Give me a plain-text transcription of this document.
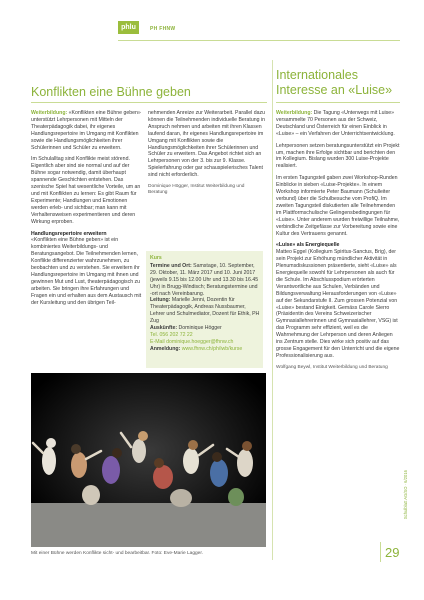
phlu	PH FHNW
Konflikten eine Bühne geben
Internationales
Interesse an «Luise»

Weiterbildung: «Konflikten eine Bühne geben» unterstützt Lehrpersonen mit Mitteln der Theaterpädagogik dabei, ihr eigenes Handlungsrepertoire im Umgang mit Konflikten sowie die Handlungsmöglichkeiten ihrer Schülerinnen und Schüler zu erweitern.

Im Schulalltag sind Konflikte meist störend. Eigentlich aber sind sie normal und auf der Bühne sogar notwendig, damit überhaupt spannende Geschichten entstehen. Das szenische Spiel hat wesentliche Vorteile, um an und mit Konflikten zu lernen: Es gibt Raum für Experimente; Handlungen und Emotionen werden erleb- und sichtbar; man kann mit Verhaltensweisen experimentieren und deren Wirkung erproben.

Handlungsrepertoire erweitern

«Konflikten eine Bühne geben» ist ein kombiniertes Weiterbildungs- und Beratungsangebot. Die Teilnehmenden lernen, Konflikte differenzierter wahrzunehmen, zu beobachten und zu verstehen. Sie erweitern ihr Handlungsrepertoire im Umgang mit ihnen und gewinnen Mut und Lust, theaterpädagogisch zu arbeiten. Sie bringen ihre Erfahrungen und Fragen ein und erhalten aus dem Austausch mit der Kursleitung und den übrigen Teil-

nehmenden Anreize zur Weiterarbeit. Parallel dazu können die Teilnehmenden individuelle Beratung in Anspruch nehmen und arbeiten mit ihren Klassen laufend daran, ihr eigenes Handlungsrepertoire im Umgang mit Konflikten sowie die Handlungsmöglichkeiten ihrer Schülerinnen und Schüler zu erweitern. Das Angebot richtet sich an Lehrpersonen von der 3. bis zur 9. Klasse. Spielerfahrung oder gar schauspielerisches Talent sind nicht erforderlich.

Dominique Högger, Institut Weiterbildung und Beratung

Kurs

Termine und Ort: Samstage, 10. September, 29. Oktober, 11. März 2017 und 10. Juni 2017 (jeweils 9.15 bis 12.00 Uhr und 13.30 bis 16.45 Uhr) in Brugg-Windisch; Beratungstermine und -ort nach Vereinbarung.

Leitung: Marielle Jenni, Dozentin für Theaterpädagogik, Andreas Nussbaumer, Lehrer und Schulmediator, Dozent für Ethik, PH Zug

Auskünfte: Dominique Högger

Tel. 056 202 72 22

E-Mail dominique.hoegger@fhnw.ch

Anmeldung: www.fhnw.ch/ph/iwb/kurse

Mit einer Bühne werden Konflikte sicht- und bearbeitbar. Foto: Eve-Marie Lagger.

Weiterbildung: Die Tagung «Unterwegs mit Luise» versammelte 70 Personen aus der Schweiz, Deutschland und Österreich für einen Einblick in «Luise» – ein Verfahren der Unterrichtsentwicklung.

Lehrpersonen setzen beratungsunterstützt ein Projekt um, machen ihre Erfolge sichtbar und berichten den im Kollegium. Bislang wurden 300 Luise-Projekte realisiert.

Im ersten Tagungsteil gaben zwei Workshop-Runden Einblicke in sieben «Luise-Projekte». In einem Workshop informierte Peter Baumann (Schulleiter verbund) über die Schulbesuche vom ProfiQ. Im zweiten Tagungsteil diskutierten alle Teilnehmenden im Plattformschulische Gelingensbedingungen für «Luise». Unter anderem wurden freiwillige Teilnahme, verbindliche Zeitgefässe zur Vorbereitung sowie eine Kultur des Vertrauens genannt.

«Luise» als Energiequelle

Matteo Eggel (Kollegium Spiritus-Sanctus, Brig), der sein Projekt zur Erhöhung mündlicher Aktivität in Plenumsdiskussionen präsentierte, sieht «Luise» als Energiequelle sowohl für Lehrpersonen als auch für die Schule. Im Abschlusspodium erörterten Verantwortliche aus Schulen, Verbänden und Bildungsverwaltung Herausforderungen von «Luise» auf der Sekundarstufe II. Zum grossen Potenzial von «Luise» bestand Einigkeit. Gemäss Carole Sierro (Präsidentin des Vereins Schweizerischer Gymnasiallehrerinnen und Gymnasiallehrer, VSG) ist das Programm sehr effizient, weil es die Wahrnehmung der Lehrperson und deren Anliegen ins Zentrum stelle. Dies wirke sich positiv auf das grosse Engagement für den Unterricht und die eigene Professionalisierung aus.

Wolfgang Beywl, Institut Weiterbildung und Beratung

Schulblatt AG/SO · 6/2016
29
